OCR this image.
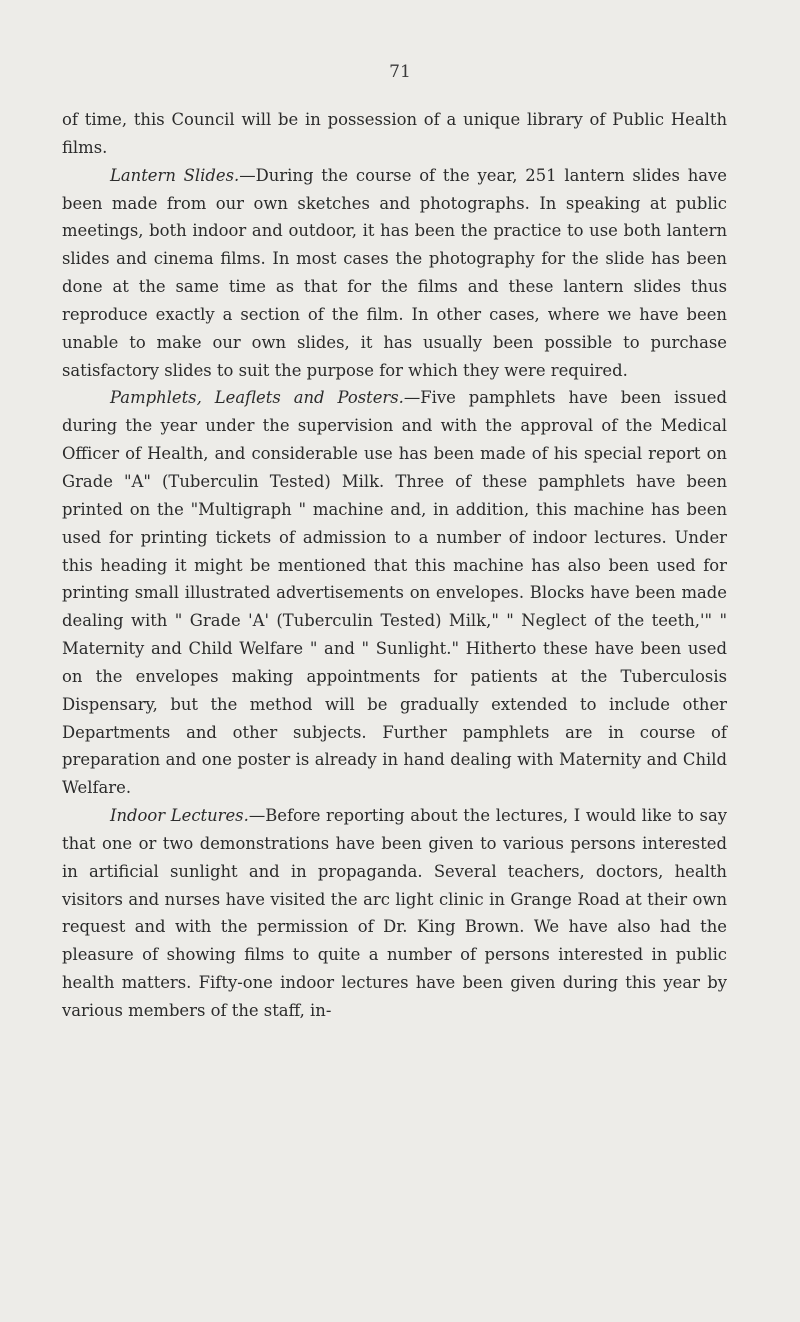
71

of time, this Council will be in possession of a unique library of Public Health films.

Lantern Slides.—During the course of the year, 251 lantern slides have been made from our own sketches and photographs. In speaking at public meetings, both indoor and outdoor, it has been the practice to use both lantern slides and cinema films. In most cases the photography for the slide has been done at the same time as that for the films and these lantern slides thus reproduce exactly a section of the film. In other cases, where we have been unable to make our own slides, it has usually been possible to purchase satisfactory slides to suit the purpose for which they were required.

Pamphlets, Leaflets and Posters.—Five pamphlets have been issued during the year under the supervision and with the approval of the Medical Officer of Health, and considerable use has been made of his special report on Grade "A" (Tuberculin Tested) Milk. Three of these pamphlets have been printed on the "Multigraph " machine and, in addition, this machine has been used for printing tickets of admission to a number of indoor lectures. Under this heading it might be mentioned that this machine has also been used for printing small illustrated advertisements on envelopes. Blocks have been made dealing with " Grade 'A' (Tuberculin Tested) Milk," " Neglect of the teeth,'" " Maternity and Child Welfare " and " Sunlight." Hitherto these have been used on the envelopes making appointments for patients at the Tuberculosis Dispensary, but the method will be gradually extended to include other Departments and other subjects. Further pamphlets are in course of preparation and one poster is already in hand dealing with Maternity and Child Welfare.

Indoor Lectures.—Before reporting about the lectures, I would like to say that one or two demonstrations have been given to various persons interested in artificial sunlight and in propaganda. Several teachers, doctors, health visitors and nurses have visited the arc light clinic in Grange Road at their own request and with the permission of Dr. King Brown. We have also had the pleasure of showing films to quite a number of persons interested in public health matters. Fifty-one indoor lectures have been given during this year by various members of the staff, in-
